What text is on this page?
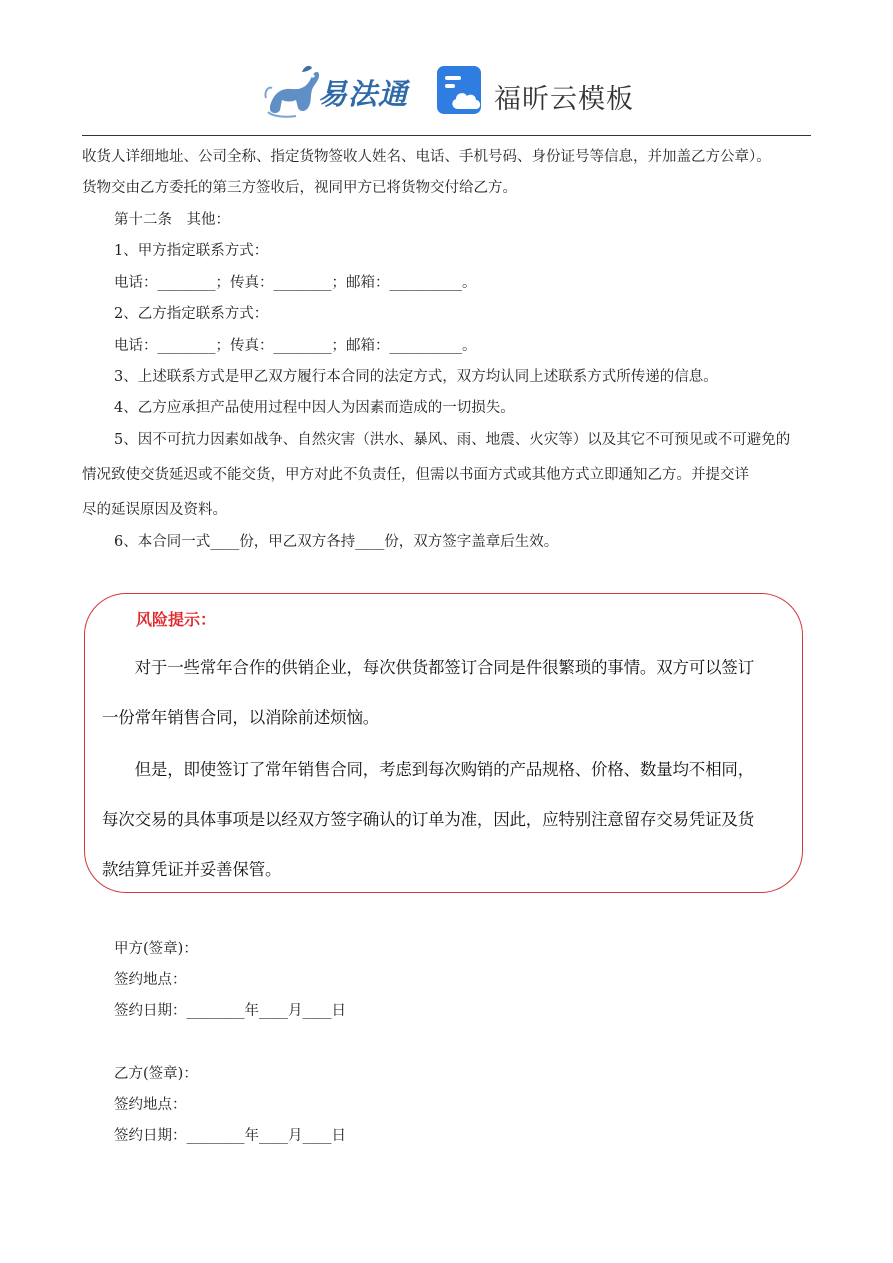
易法通	福昕云模板
收货人详细地址、公司全称、指定货物签收人姓名、电话、手机号码、身份证号等信息，并加盖乙方公章）。
货物交由乙方委托的第三方签收后，视同甲方已将货物交付给乙方。
第十二条　其他：
1、甲方指定联系方式：
电话：________；传真：________；邮箱：__________。
2、乙方指定联系方式：
电话：________；传真：________；邮箱：__________。
3、上述联系方式是甲乙双方履行本合同的法定方式，双方均认同上述联系方式所传递的信息。
4、乙方应承担产品使用过程中因人为因素而造成的一切损失。
5、因不可抗力因素如战争、自然灾害（洪水、暴风、雨、地震、火灾等）以及其它不可预见或不可避免的
情况致使交货延迟或不能交货，甲方对此不负责任，但需以书面方式或其他方式立即通知乙方。并提交详
尽的延误原因及资料。
6、本合同一式____份，甲乙双方各持____份，双方签字盖章后生效。
风险提示：
　　对于一些常年合作的供销企业，每次供货都签订合同是件很繁琐的事情。双方可以签订
一份常年销售合同，以消除前述烦恼。
　　但是，即使签订了常年销售合同，考虑到每次购销的产品规格、价格、数量均不相同，
每次交易的具体事项是以经双方签字确认的订单为准，因此，应特别注意留存交易凭证及货
款结算凭证并妥善保管。
甲方(签章)：
签约地点：
签约日期：________年____月____日
乙方(签章)：
签约地点：
签约日期：________年____月____日
